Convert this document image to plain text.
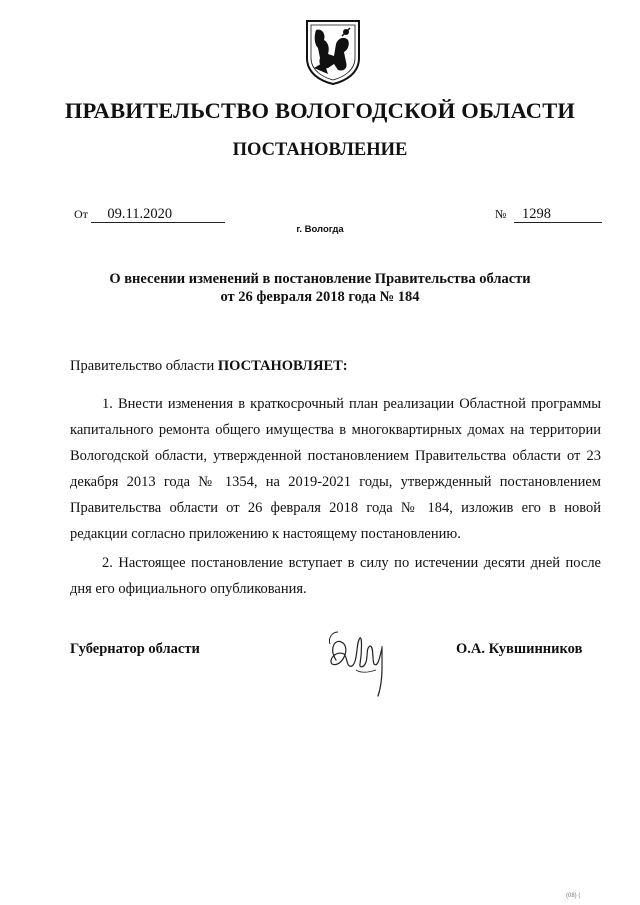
ПРАВИТЕЛЬСТВО ВОЛОГОДСКОЙ ОБЛАСТИ
ПОСТАНОВЛЕНИЕ
От 09.11.2020	№ 1298
г. Вологда
О внесении изменений в постановление Правительства области
от 26 февраля 2018 года № 184
Правительство области ПОСТАНОВЛЯЕТ:
1. Внести изменения в краткосрочный план реализации Областной программы капитального ремонта общего имущества в многоквартирных домах на территории Вологодской области, утвержденной постановлением Правительства области от 23 декабря 2013 года № 1354, на 2019-2021 годы, утвержденный постановлением Правительства области от 26 февраля 2018 года № 184, изложив его в новой редакции согласно приложению к настоящему постановлению.
2. Настоящее постановление вступает в силу по истечении десяти дней после дня его официального опубликования.
Губернатор области	О.А. Кувшинников
(08) (
